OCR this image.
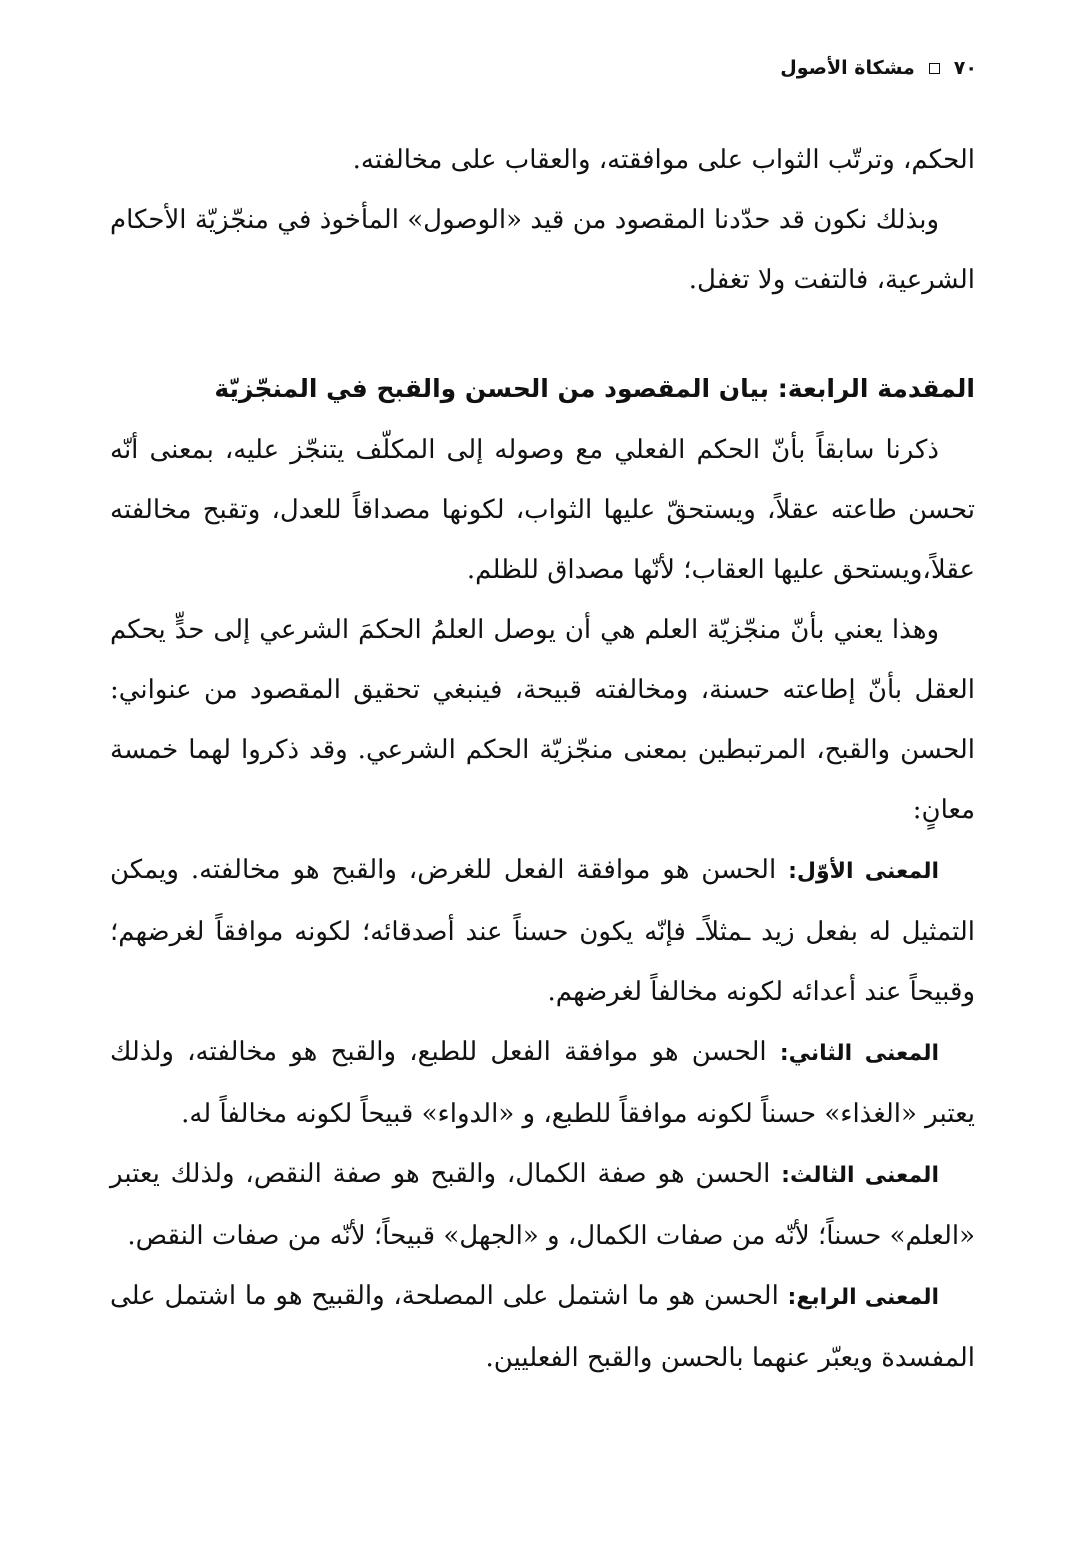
٧٠
مشكاة الأصول

الحكم، وترتّب الثواب على موافقته، والعقاب على مخالفته.

وبذلك نكون قد حدّدنا المقصود من قيد «الوصول» المأخوذ في منجّزيّة الأحكام الشرعية، فالتفت ولا تغفل.

المقدمة الرابعة: بيان المقصود من الحسن والقبح في المنجّزيّة

ذكرنا سابقاً بأنّ الحكم الفعلي مع وصوله إلى المكلّف يتنجّز عليه، بمعنى أنّه تحسن طاعته عقلاً، ويستحقّ عليها الثواب، لكونها مصداقاً للعدل، وتقبح مخالفته عقلاً،ويستحق عليها العقاب؛ لأنّها مصداق للظلم.

وهذا يعني بأنّ منجّزيّة العلم هي أن يوصل العلمُ الحكمَ الشرعي إلى حدٍّ يحكم العقل بأنّ إطاعته حسنة، ومخالفته قبيحة، فينبغي تحقيق المقصود من عنواني: الحسن والقبح، المرتبطين بمعنى منجّزيّة الحكم الشرعي. وقد ذكروا لهما خمسة معانٍ:

المعنى الأوّل: الحسن هو موافقة الفعل للغرض، والقبح هو مخالفته. ويمكن التمثيل له بفعل زيد ـمثلاًـ فإنّه يكون حسناً عند أصدقائه؛ لكونه موافقاً لغرضهم؛وقبيحاً عند أعدائه لكونه مخالفاً لغرضهم.

المعنى الثاني: الحسن هو موافقة الفعل للطبع، والقبح هو مخالفته، ولذلك يعتبر «الغذاء» حسناً لكونه موافقاً للطبع، و «الدواء» قبيحاً لكونه مخالفاً له.

المعنى الثالث: الحسن هو صفة الكمال، والقبح هو صفة النقص، ولذلك يعتبر «العلم» حسناً؛ لأنّه من صفات الكمال، و «الجهل» قبيحاً؛ لأنّه من صفات النقص.

المعنى الرابع: الحسن هو ما اشتمل على المصلحة، والقبيح هو ما اشتمل على المفسدة ويعبّر عنهما بالحسن والقبح الفعليين.
